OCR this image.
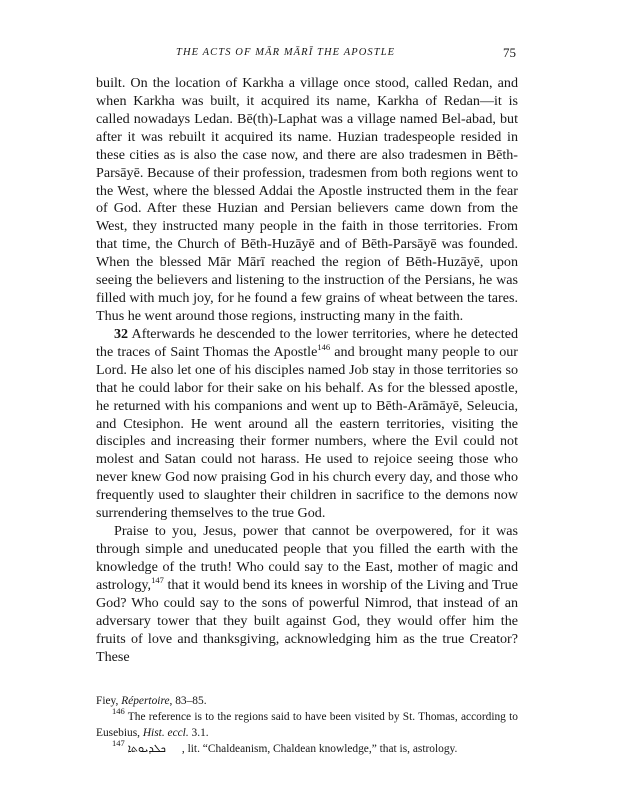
THE ACTS OF MĀR MĀRĪ THE APOSTLE	75

built. On the location of Karkha a village once stood, called Redan, and when Karkha was built, it acquired its name, Karkha of Redan—it is called nowadays Ledan. Bē(th)-Laphat was a village named Bel-abad, but after it was rebuilt it acquired its name. Huzian tradespeople resided in these cities as is also the case now, and there are also tradesmen in Bēth-Parsāyē. Because of their profession, tradesmen from both regions went to the West, where the blessed Addai the Apostle instructed them in the fear of God. After these Huzian and Persian believers came down from the West, they instructed many people in the faith in those territories. From that time, the Church of Bēth-Huzāyē and of Bēth-Parsāyē was founded. When the blessed Mār Mārī reached the region of Bēth-Huzāyē, upon seeing the believers and listening to the instruction of the Persians, he was filled with much joy, for he found a few grains of wheat between the tares. Thus he went around those regions, instructing many in the faith.

32 Afterwards he descended to the lower territories, where he detected the traces of Saint Thomas the Apostle$^{146}$ and brought many people to our Lord. He also let one of his disciples named Job stay in those territories so that he could labor for their sake on his behalf. As for the blessed apostle, he returned with his companions and went up to Bēth-Arāmāyē, Seleucia, and Ctesiphon. He went around all the eastern territories, visiting the disciples and increasing their former numbers, where the Evil could not molest and Satan could not harass. He used to rejoice seeing those who never knew God now praising God in his church every day, and those who frequently used to slaughter their children in sacrifice to the demons now surrendering themselves to the true God.

Praise to you, Jesus, power that cannot be overpowered, for it was through simple and uneducated people that you filled the earth with the knowledge of the truth! Who could say to the East, mother of magic and astrology,$^{147}$ that it would bend its knees in worship of the Living and True God? Who could say to the sons of powerful Nimrod, that instead of an adversary tower that they built against God, they would offer him the fruits of love and thanksgiving, acknowledging him as the true Creator? These

Fiey, Répertoire, 83–85.

$^{146}$ The reference is to the regions said to have been visited by St. Thomas, according to Eusebius, Hist. eccl. 3.1.

$^{147}$ ܟܠܕܝܘܬܐ , lit. “Chaldeanism, Chaldean knowledge,” that is, astrology.
